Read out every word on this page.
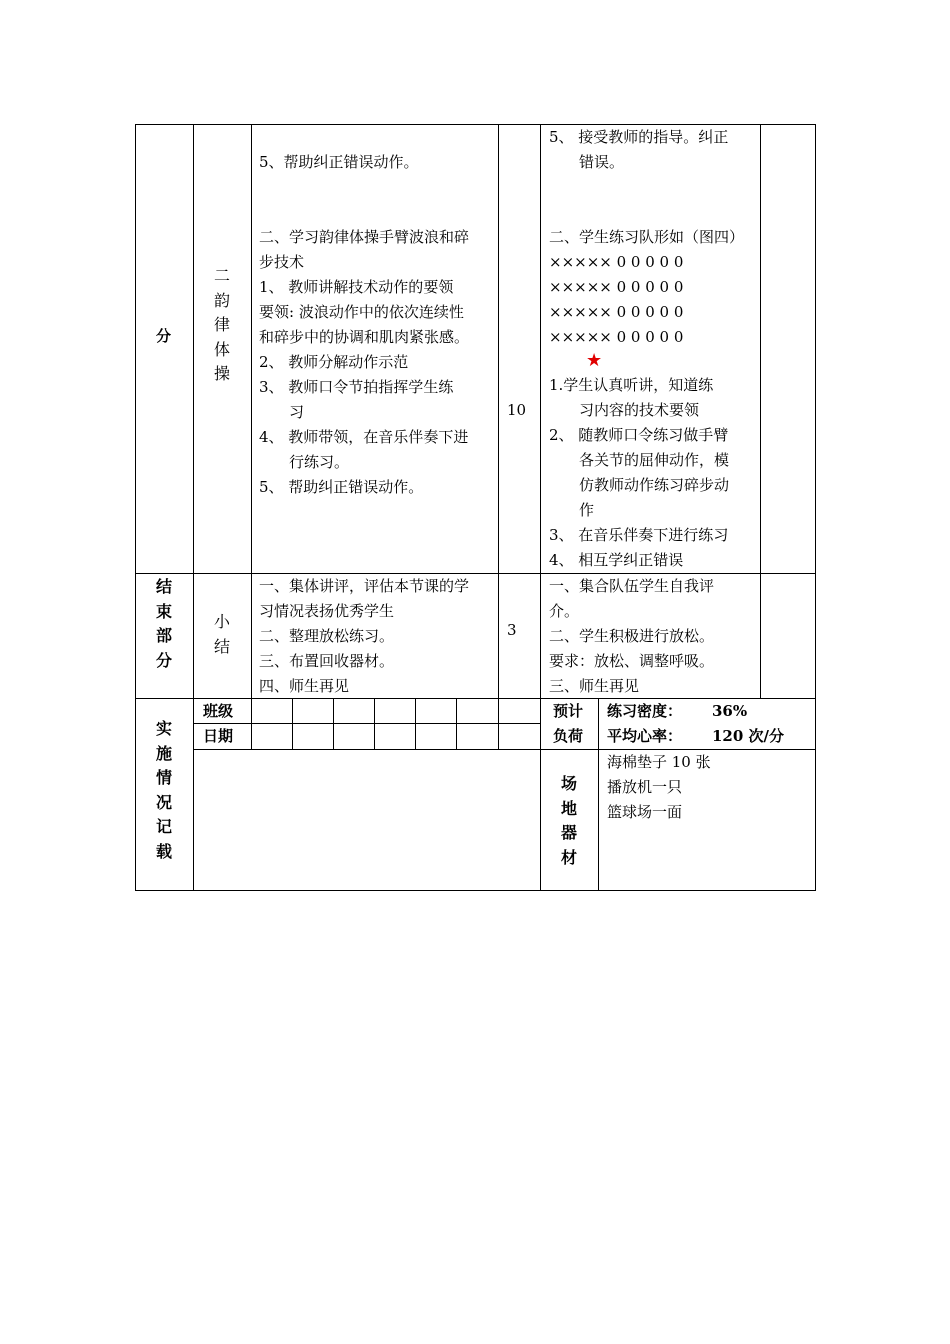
分
二
韵
律
体
操
5、帮助纠正错误动作。
二、学习韵律体操手臂波浪和碎
步技术
1、 教师讲解技术动作的要领
要领: 波浪动作中的依次连续性
和碎步中的协调和肌肉紧张感。
2、 教师分解动作示范
3、 教师口令节拍指挥学生练
　　习
4、 教师带领，在音乐伴奏下进
　　行练习。
5、 帮助纠正错误动作。
10
5、 接受教师的指导。纠正
　　错误。
二、学生练习队形如（图四）
××××× 0 0 0 0 0
××××× 0 0 0 0 0
××××× 0 0 0 0 0
××××× 0 0 0 0 0
★
1.学生认真听讲，知道练
　　习内容的技术要领
2、 随教师口令练习做手臂
　　各关节的屈伸动作，模
　　仿教师动作练习碎步动
　　作
3、 在音乐伴奏下进行练习
4、 相互学纠正错误
结
束
部
分
小
结
一、集体讲评，评估本节课的学
习情况表扬优秀学生
二、整理放松练习。
三、布置回收器材。
四、师生再见
3
一、集合队伍学生自我评
介。
二、学生积极进行放松。
要求：放松、调整呼吸。
三、师生再见
实
施
情
况
记
载
班级
日期
预计
负荷
练习密度： 36%
平均心率： 120 次/分
场
地
器
材
海棉垫子 10 张
播放机一只
篮球场一面
